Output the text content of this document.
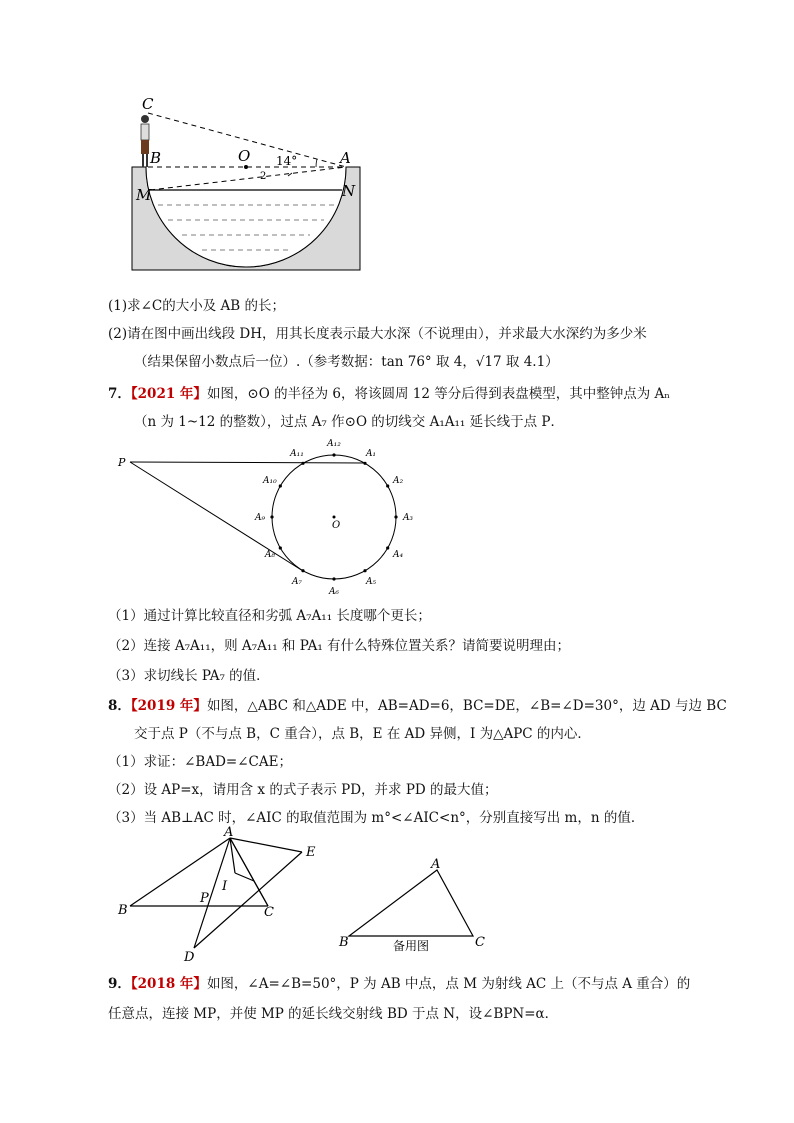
C
B	O	A
M	N
14°
2
(1)求∠C的大小及 AB 的长；
(2)请在图中画出线段 DH，用其长度表示最大水深（不说理由），并求最大水深约为多少米
（结果保留小数点后一位）.（参考数据：tan 76° 取 4，√17 取 4.1）
7．【2021 年】如图，⊙O 的半径为 6，将该圆周 12 等分后得到表盘模型，其中整钟点为 Aₙ
（n 为 1~12 的整数），过点 A₇ 作⊙O 的切线交 A₁A₁₁ 延长线于点 P．
A₁₂
A₁
A₂
A₃
A₄
A₅
A₆
A₇
A₈
A₉
A₁₀
A₁₁
P
O
（1）通过计算比较直径和劣弧 A₇A₁₁ 长度哪个更长；
（2）连接 A₇A₁₁，则 A₇A₁₁ 和 PA₁ 有什么特殊位置关系？请简要说明理由；
（3）求切线长 PA₇ 的值．
8．【2019 年】如图，△ABC 和△ADE 中，AB=AD=6，BC=DE，∠B=∠D=30°，边 AD 与边 BC
交于点 P（不与点 B，C 重合），点 B，E 在 AD 异侧，I 为△APC 的内心．
（1）求证：∠BAD=∠CAE；
（2）设 AP=x，请用含 x 的式子表示 PD，并求 PD 的最大值；
（3）当 AB⊥AC 时，∠AIC 的取值范围为 m°<∠AIC<n°，分别直接写出 m，n 的值．
A
E
B
P
I
C
D
A
B	C
备用图
9．【2018 年】如图，∠A=∠B=50°，P 为 AB 中点，点 M 为射线 AC 上（不与点 A 重合）的
任意点，连接 MP，并使 MP 的延长线交射线 BD 于点 N，设∠BPN=α．
